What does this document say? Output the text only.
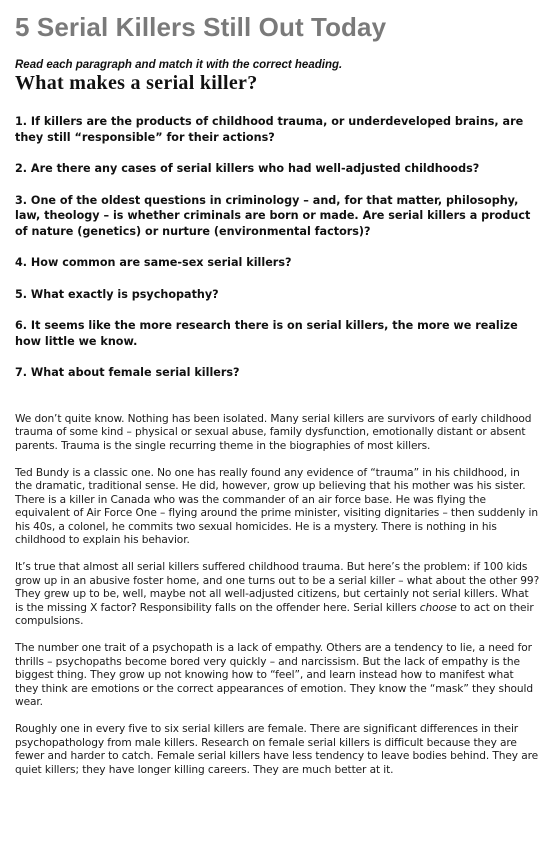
5 Serial Killers Still Out Today
Read each paragraph and match it with the correct heading.
What makes a serial killer?
1. If killers are the products of childhood trauma, or underdeveloped brains, are they still “responsible” for their actions?
2. Are there any cases of serial killers who had well-adjusted childhoods?
3. One of the oldest questions in criminology – and, for that matter, philosophy, law, theology – is whether criminals are born or made. Are serial killers a product of nature (genetics) or nurture (environmental factors)?
4. How common are same-sex serial killers?
5. What exactly is psychopathy?
6. It seems like the more research there is on serial killers, the more we realize how little we know.
7. What about female serial killers?

We don’t quite know. Nothing has been isolated. Many serial killers are survivors of early childhood trauma of some kind – physical or sexual abuse, family dysfunction, emotionally distant or absent parents. Trauma is the single recurring theme in the biographies of most killers.

Ted Bundy is a classic one. No one has really found any evidence of “trauma” in his childhood, in the dramatic, traditional sense. He did, however, grow up believing that his mother was his sister. There is a killer in Canada who was the commander of an air force base. He was flying the equivalent of Air Force One – flying around the prime minister, visiting dignitaries – then suddenly in his 40s, a colonel, he commits two sexual homicides. He is a mystery. There is nothing in his childhood to explain his behavior.

It’s true that almost all serial killers suffered childhood trauma. But here’s the problem: if 100 kids grow up in an abusive foster home, and one turns out to be a serial killer – what about the other 99? They grew up to be, well, maybe not all well-adjusted citizens, but certainly not serial killers. What is the missing X factor? Responsibility falls on the offender here. Serial killers choose to act on their compulsions.

The number one trait of a psychopath is a lack of empathy. Others are a tendency to lie, a need for thrills – psychopaths become bored very quickly – and narcissism. But the lack of empathy is the biggest thing. They grow up not knowing how to “feel”, and learn instead how to manifest what they think are emotions or the correct appearances of emotion. They know the “mask” they should wear.

Roughly one in every five to six serial killers are female. There are significant differences in their psychopathology from male killers. Research on female serial killers is difficult because they are fewer and harder to catch. Female serial killers have less tendency to leave bodies behind. They are quiet killers; they have longer killing careers. They are much better at it.
